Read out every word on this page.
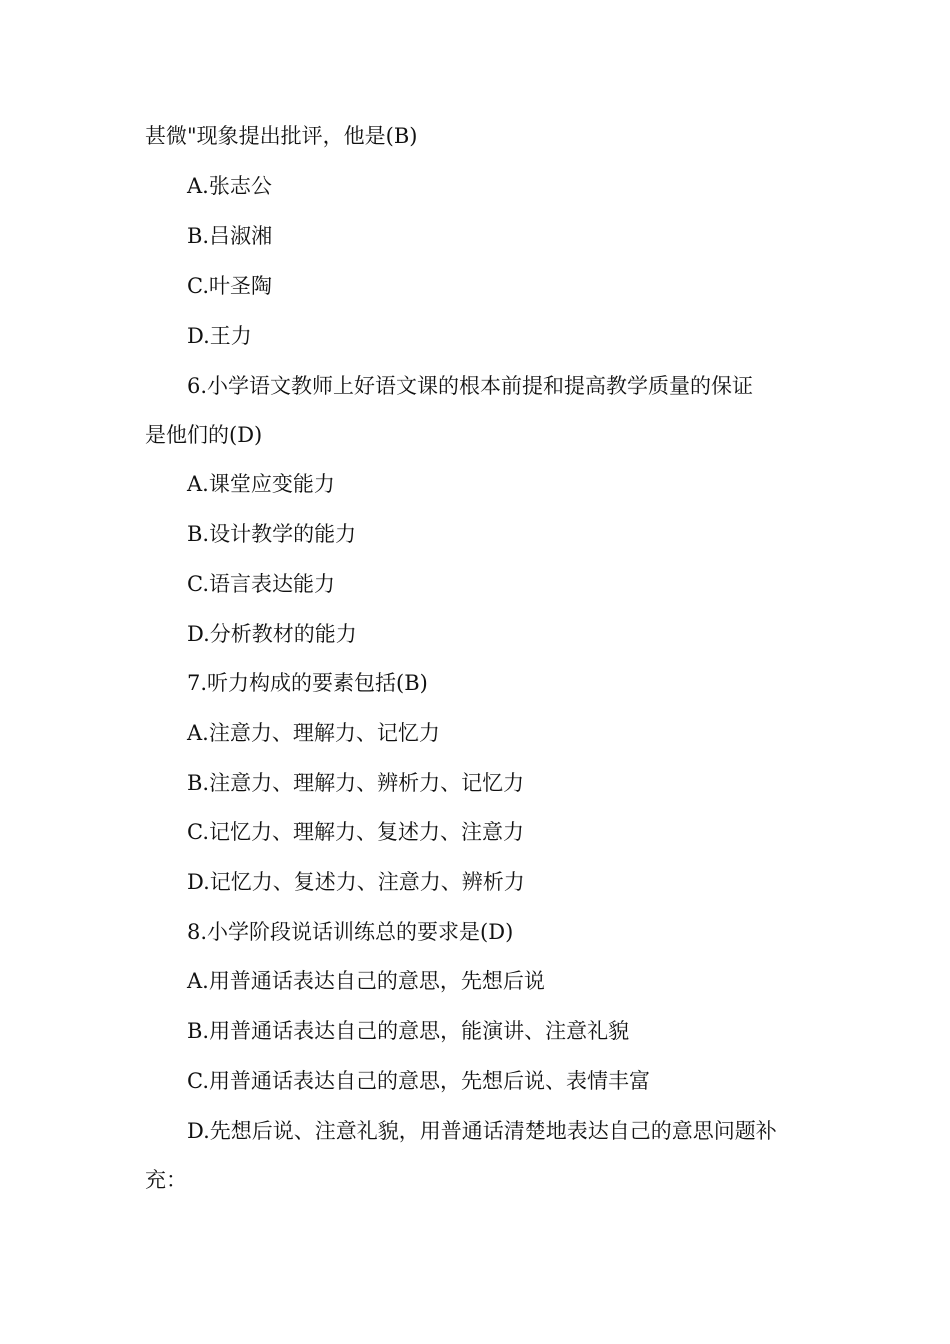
甚微"现象提出批评，他是(B)
A.张志公
B.吕淑湘
C.叶圣陶
D.王力
6.小学语文教师上好语文课的根本前提和提高教学质量的保证
是他们的(D)
A.课堂应变能力
B.设计教学的能力
C.语言表达能力
D.分析教材的能力
7.听力构成的要素包括(B)
A.注意力、理解力、记忆力
B.注意力、理解力、辨析力、记忆力
C.记忆力、理解力、复述力、注意力
D.记忆力、复述力、注意力、辨析力
8.小学阶段说话训练总的要求是(D)
A.用普通话表达自己的意思，先想后说
B.用普通话表达自己的意思，能演讲、注意礼貌
C.用普通话表达自己的意思，先想后说、表情丰富
D.先想后说、注意礼貌，用普通话清楚地表达自己的意思问题补
充：
